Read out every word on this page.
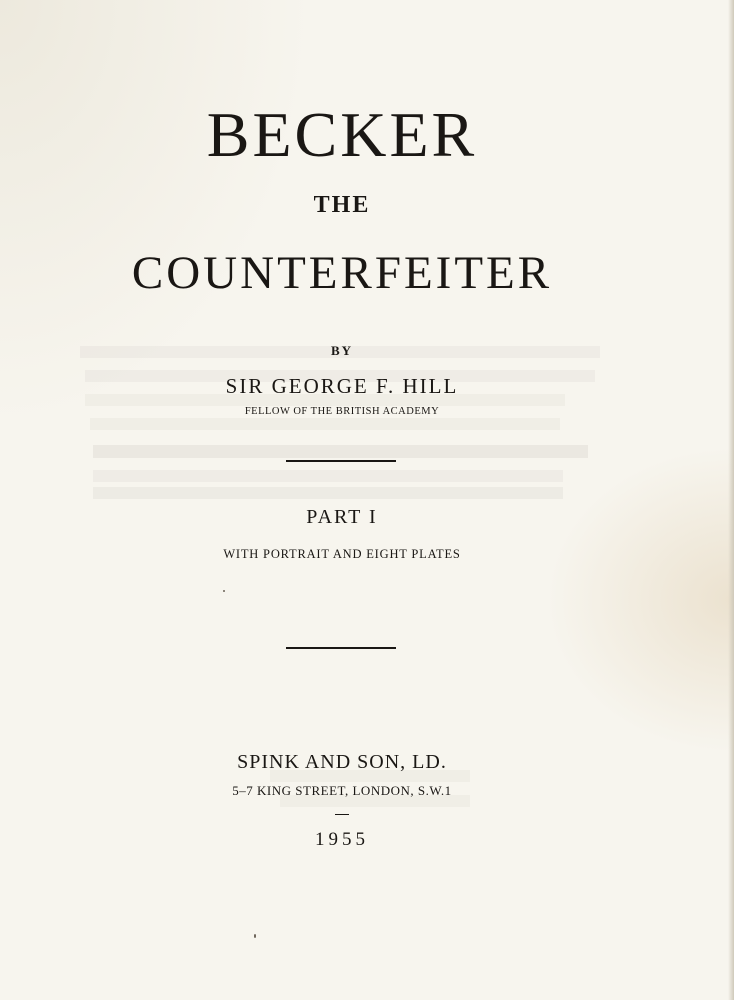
BECKER
THE
COUNTERFEITER
BY
SIR GEORGE F. HILL
FELLOW OF THE BRITISH ACADEMY
PART I
WITH PORTRAIT AND EIGHT PLATES
SPINK AND SON, LD.
5–7 KING STREET, LONDON, S.W.1
1955
